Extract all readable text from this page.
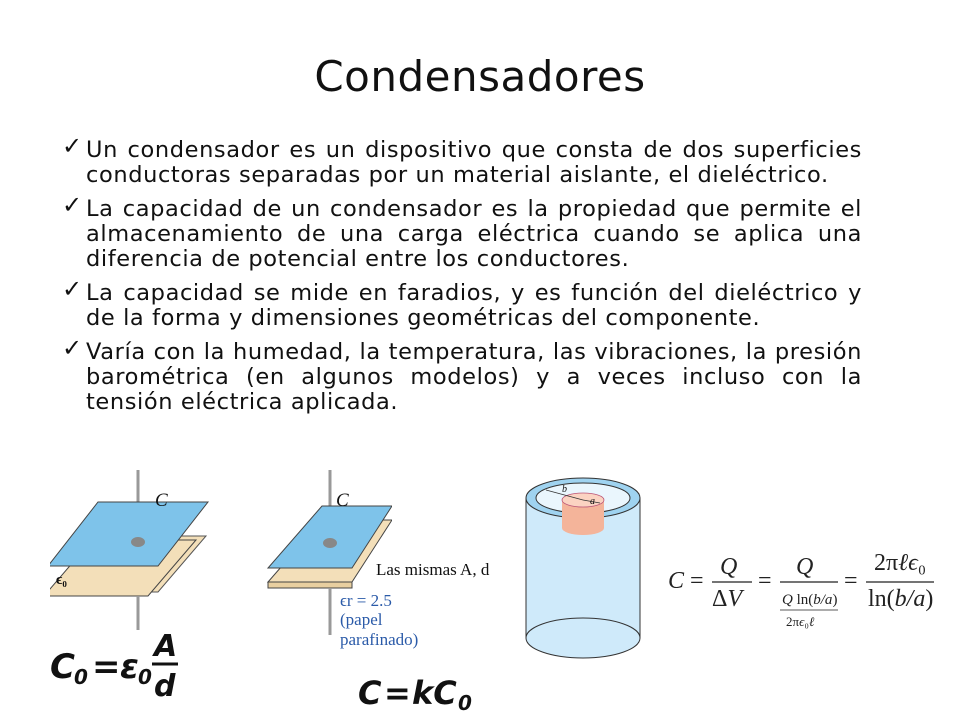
Condensadores
✓ Un condensador es un dispositivo que consta de dos superficies conductoras separadas por un material aislante, el dieléctrico.
✓ La capacidad de un condensador es la propiedad que permite el almacenamiento de una carga eléctrica cuando se aplica una diferencia de potencial entre los conductores.
✓ La capacidad se mide en faradios, y es función del dieléctrico y de la forma y dimensiones geométricas del componente.
✓ Varía con la humedad, la temperatura, las vibraciones, la presión barométrica (en algunos modelos) y a veces incluso con la tensión eléctrica aplicada.
C
ϵ₀
C
Las mismas A, d
ϵr = 2.5
(papel
parafinado)
b
a
C =
Q
ΔV
=
Q
Q ln(b/a)
2πϵ₀ℓ
=
2πℓϵ₀
ln(b/a)
C 0 = ε 0
A
d	C = kC 0
